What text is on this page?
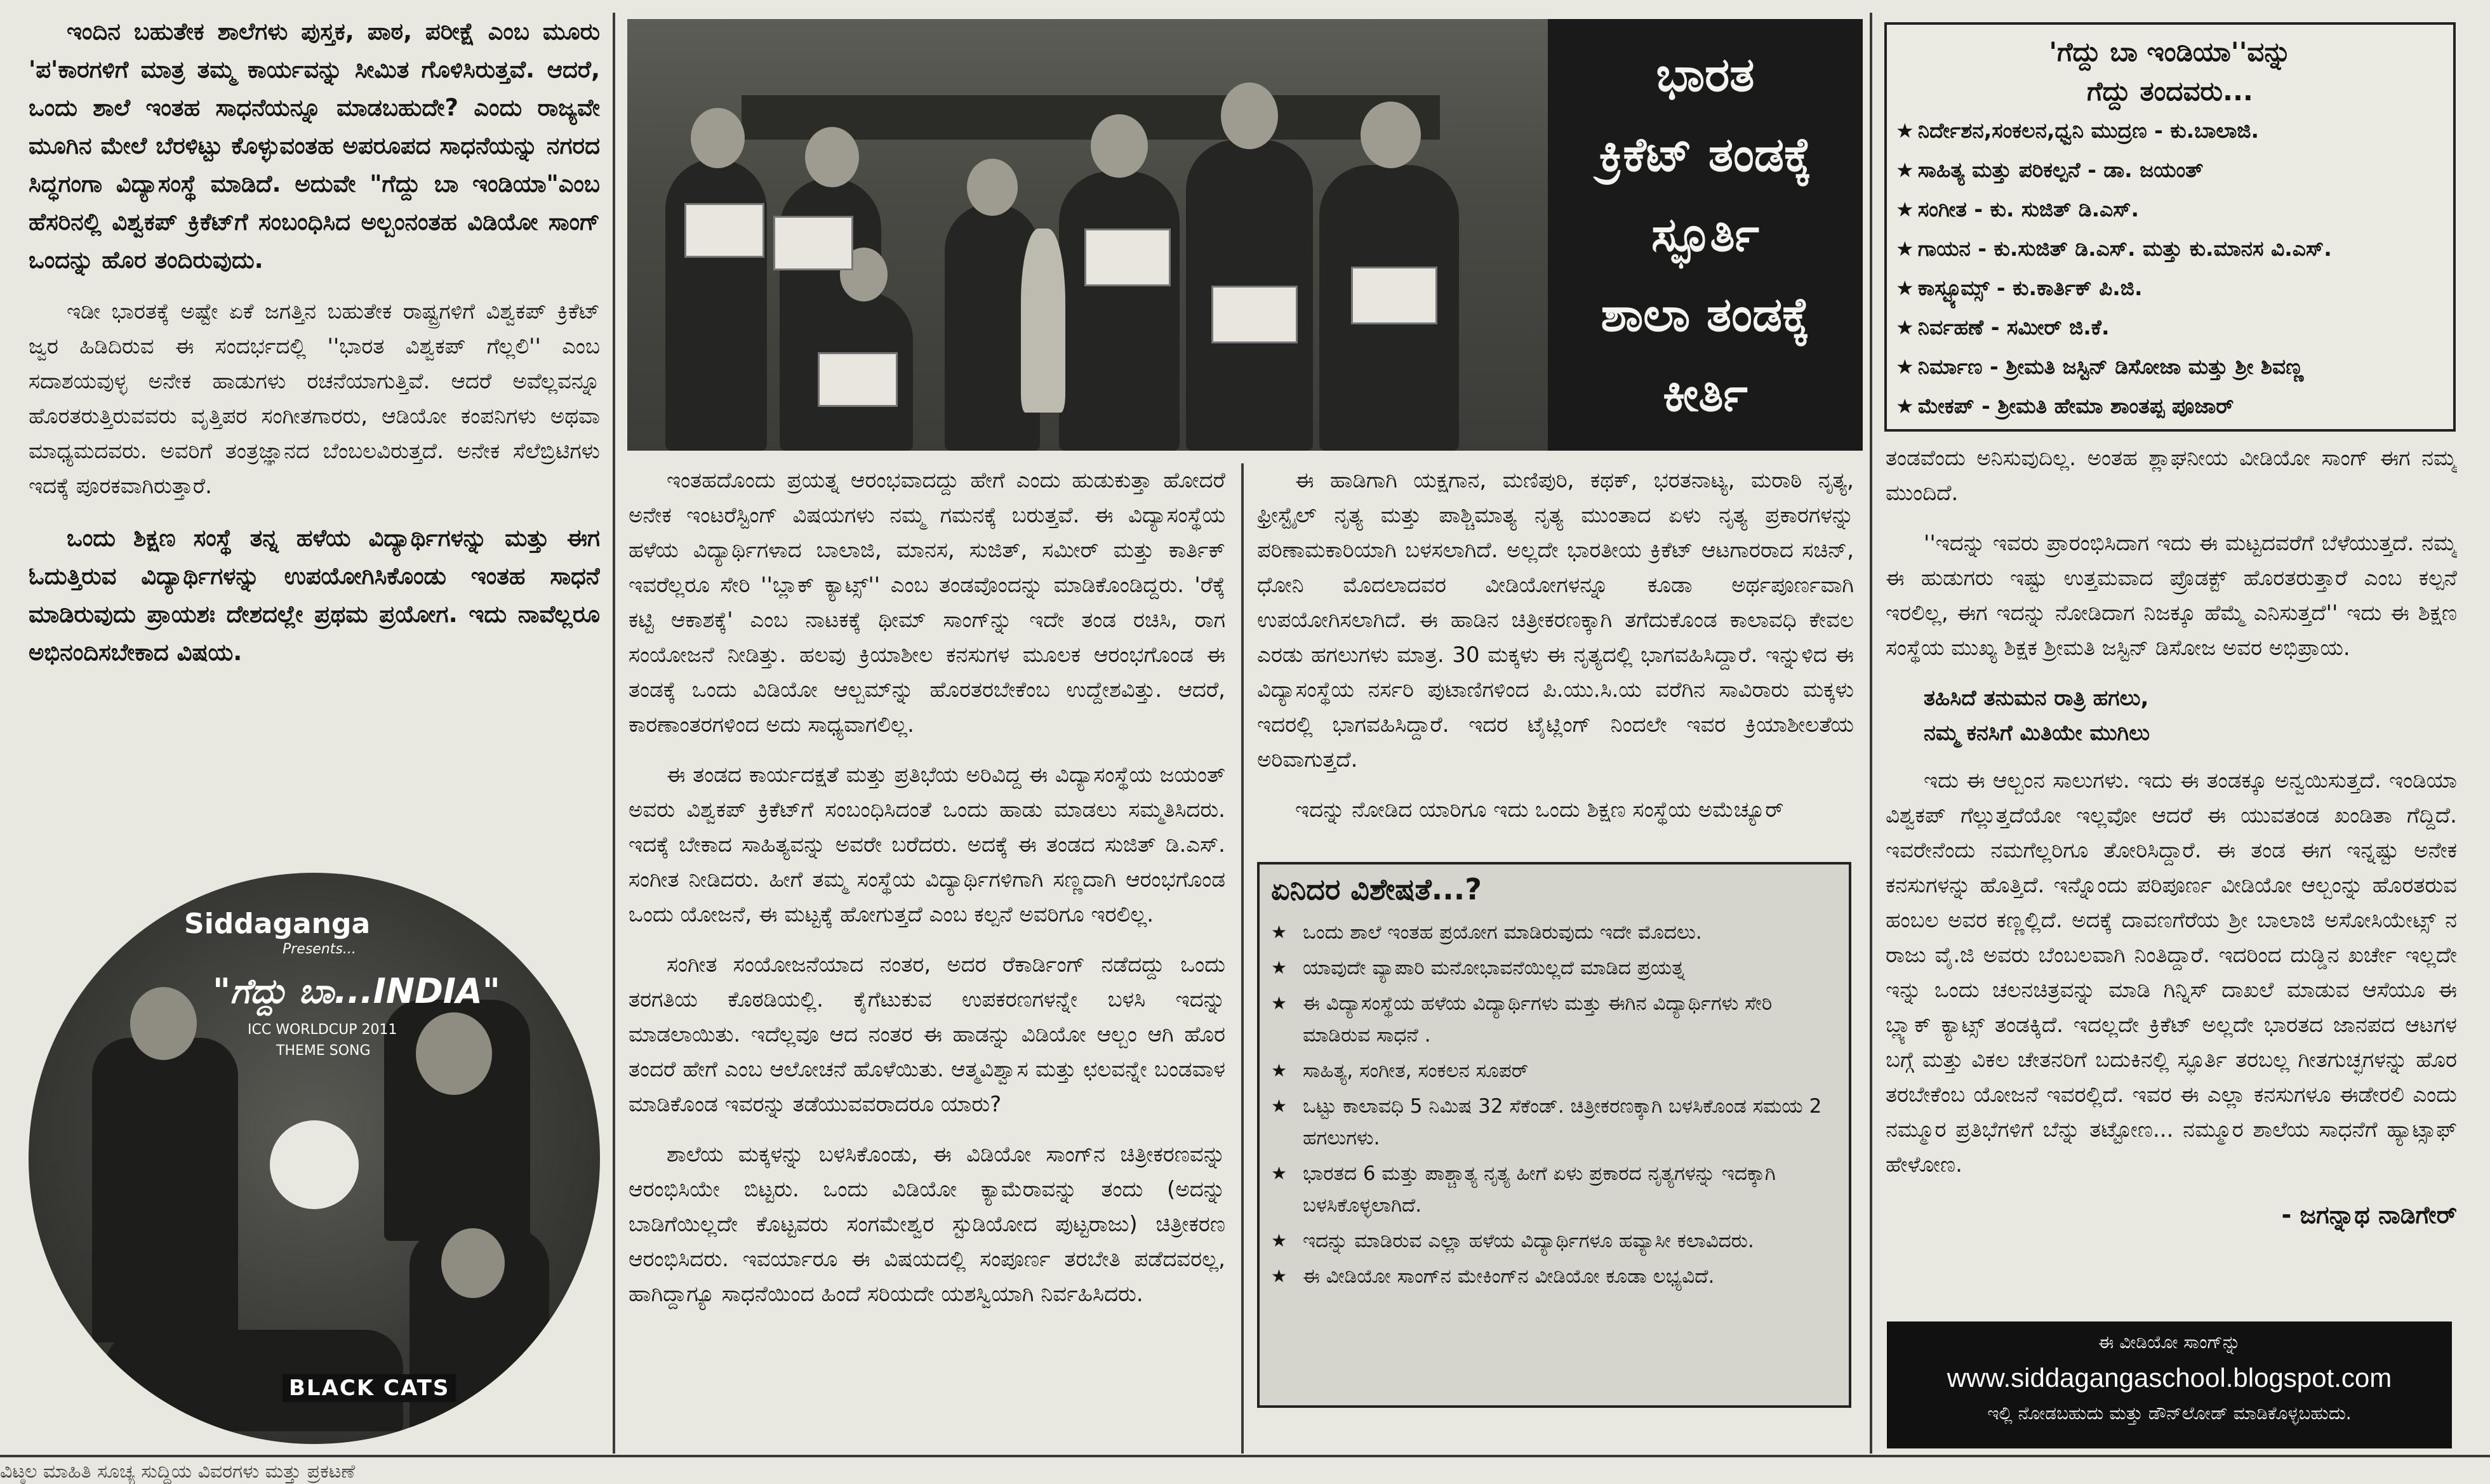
ಇಂದಿನ ಬಹುತೇಕ ಶಾಲೆಗಳು ಪುಸ್ತಕ, ಪಾಠ, ಪರೀಕ್ಷೆ ಎಂಬ ಮೂರು 'ಪ'ಕಾರಗಳಿಗೆ ಮಾತ್ರ ತಮ್ಮ ಕಾರ್ಯವನ್ನು ಸೀಮಿತ ಗೊಳಿಸಿರುತ್ತವೆ. ಆದರೆ, ಒಂದು ಶಾಲೆ ಇಂತಹ ಸಾಧನೆಯನ್ನೂ ಮಾಡಬಹುದೇ? ಎಂದು ರಾಜ್ಯವೇ ಮೂಗಿನ ಮೇಲೆ ಬೆರಳಿಟ್ಟು ಕೊಳ್ಳುವಂತಹ ಅಪರೂಪದ ಸಾಧನೆಯನ್ನು ನಗರದ ಸಿದ್ಧಗಂಗಾ ವಿದ್ಯಾಸಂಸ್ಥೆ ಮಾಡಿದೆ. ಅದುವೇ "ಗೆದ್ದು ಬಾ ಇಂಡಿಯಾ"ಎಂಬ ಹೆಸರಿನಲ್ಲಿ ವಿಶ್ವಕಪ್ ಕ್ರಿಕೆಟ್‌ಗೆ ಸಂಬಂಧಿಸಿದ ಅಲ್ಬಂನಂತಹ ವಿಡಿಯೋ ಸಾಂಗ್ ಒಂದನ್ನು ಹೊರ ತಂದಿರುವುದು.

ಇಡೀ ಭಾರತಕ್ಕೆ ಅಷ್ಟೇ ಏಕೆ ಜಗತ್ತಿನ ಬಹುತೇಕ ರಾಷ್ಟ್ರಗಳಿಗೆ ವಿಶ್ವಕಪ್ ಕ್ರಿಕೆಟ್ ಜ್ವರ ಹಿಡಿದಿರುವ ಈ ಸಂದರ್ಭದಲ್ಲಿ ''ಭಾರತ ವಿಶ್ವಕಪ್ ಗೆಲ್ಲಲಿ'' ಎಂಬ ಸದಾಶಯವುಳ್ಳ ಅನೇಕ ಹಾಡುಗಳು ರಚನೆಯಾಗುತ್ತಿವೆ. ಆದರೆ ಅವೆಲ್ಲವನ್ನೂ ಹೊರತರುತ್ತಿರುವವರು ವೃತ್ತಿಪರ ಸಂಗೀತಗಾರರು, ಆಡಿಯೋ ಕಂಪನಿಗಳು ಅಥವಾ ಮಾಧ್ಯಮದವರು. ಅವರಿಗೆ ತಂತ್ರಜ್ಞಾನದ ಬೆಂಬಲವಿರುತ್ತದೆ. ಅನೇಕ ಸೆಲೆಬ್ರಿಟಿಗಳು ಇದಕ್ಕೆ ಪೂರಕವಾಗಿರುತ್ತಾರೆ.

ಒಂದು ಶಿಕ್ಷಣ ಸಂಸ್ಥೆ ತನ್ನ ಹಳೆಯ ವಿದ್ಯಾರ್ಥಿಗಳನ್ನು ಮತ್ತು ಈಗ ಓದುತ್ತಿರುವ ವಿದ್ಯಾರ್ಥಿಗಳನ್ನು ಉಪಯೋಗಿಸಿಕೊಂಡು ಇಂತಹ ಸಾಧನೆ ಮಾಡಿರುವುದು ಪ್ರಾಯಶಃ ದೇಶದಲ್ಲೇ ಪ್ರಥಮ ಪ್ರಯೋಗ. ಇದು ನಾವೆಲ್ಲರೂ ಅಭಿನಂದಿಸಬೇಕಾದ ವಿಷಯ.

ಭಾರತ
ಕ್ರಿಕೆಟ್ ತಂಡಕ್ಕೆ
ಸ್ಫೂರ್ತಿ
ಶಾಲಾ ತಂಡಕ್ಕೆ
ಕೀರ್ತಿ
'ಗೆದ್ದು ಬಾ ಇಂಡಿಯಾ''ವನ್ನು
ಗೆದ್ದು ತಂದವರು...
★ ನಿರ್ದೇಶನ,ಸಂಕಲನ,ಧ್ವನಿ ಮುದ್ರಣ - ಕು.ಬಾಲಾಜಿ.
★ ಸಾಹಿತ್ಯ ಮತ್ತು ಪರಿಕಲ್ಪನೆ - ಡಾ. ಜಯಂತ್
★ ಸಂಗೀತ - ಕು. ಸುಜಿತ್ ಡಿ.ಎಸ್.
★ ಗಾಯನ - ಕು.ಸುಜಿತ್ ಡಿ.ಎಸ್. ಮತ್ತು ಕು.ಮಾನಸ ವಿ.ಎಸ್.
★ ಕಾಸ್ಟ್ಯೂಮ್ಸ್ - ಕು.ಕಾರ್ತಿಕ್ ಪಿ.ಜಿ.
★ ನಿರ್ವಹಣೆ - ಸಮೀರ್ ಜಿ.ಕೆ.
★ ನಿರ್ಮಾಣ - ಶ್ರೀಮತಿ ಜಸ್ಟಿನ್ ಡಿಸೋಜಾ ಮತ್ತು ಶ್ರೀ ಶಿವಣ್ಣ
★ ಮೇಕಪ್ - ಶ್ರೀಮತಿ ಹೇಮಾ ಶಾಂತಪ್ಪ ಪೂಜಾರ್

ಇಂತಹದೊಂದು ಪ್ರಯತ್ನ ಆರಂಭವಾದದ್ದು ಹೇಗೆ ಎಂದು ಹುಡುಕುತ್ತಾ ಹೋದರೆ ಅನೇಕ ಇಂಟರೆಸ್ಟಿಂಗ್ ವಿಷಯಗಳು ನಮ್ಮ ಗಮನಕ್ಕೆ ಬರುತ್ತವೆ. ಈ ವಿದ್ಯಾಸಂಸ್ಥೆಯ ಹಳೆಯ ವಿದ್ಯಾರ್ಥಿಗಳಾದ ಬಾಲಾಜಿ, ಮಾನಸ, ಸುಜಿತ್, ಸಮೀರ್ ಮತ್ತು ಕಾರ್ತಿಕ್ ಇವರೆಲ್ಲರೂ ಸೇರಿ ''ಬ್ಲಾಕ್ ಕ್ಯಾಟ್ಸ್'' ಎಂಬ ತಂಡವೊಂದನ್ನು ಮಾಡಿಕೊಂಡಿದ್ದರು. 'ರೆಕ್ಕೆ ಕಟ್ಟಿ ಆಕಾಶಕ್ಕೆ' ಎಂಬ ನಾಟಕಕ್ಕೆ ಥೀಮ್ ಸಾಂಗ್‌ನ್ನು ಇದೇ ತಂಡ ರಚಿಸಿ, ರಾಗ ಸಂಯೋಜನೆ ನೀಡಿತ್ತು. ಹಲವು ಕ್ರಿಯಾಶೀಲ ಕನಸುಗಳ ಮೂಲಕ ಆರಂಭಗೊಂಡ ಈ ತಂಡಕ್ಕೆ ಒಂದು ವಿಡಿಯೋ ಆಲ್ಬಮ್‌ನ್ನು ಹೊರತರಬೇಕೆಂಬ ಉದ್ದೇಶವಿತ್ತು. ಆದರೆ, ಕಾರಣಾಂತರಗಳಿಂದ ಅದು ಸಾಧ್ಯವಾಗಲಿಲ್ಲ.

ಈ ತಂಡದ ಕಾರ್ಯದಕ್ಷತೆ ಮತ್ತು ಪ್ರತಿಭೆಯ ಅರಿವಿದ್ದ ಈ ವಿದ್ಯಾಸಂಸ್ಥೆಯ ಜಯಂತ್ ಅವರು ವಿಶ್ವಕಪ್ ಕ್ರಿಕೆಟ್‌ಗೆ ಸಂಬಂಧಿಸಿದಂತೆ ಒಂದು ಹಾಡು ಮಾಡಲು ಸಮ್ಮತಿಸಿದರು. ಇದಕ್ಕೆ ಬೇಕಾದ ಸಾಹಿತ್ಯವನ್ನು ಅವರೇ ಬರೆದರು. ಅದಕ್ಕೆ ಈ ತಂಡದ ಸುಜಿತ್ ಡಿ.ಎಸ್. ಸಂಗೀತ ನೀಡಿದರು. ಹೀಗೆ ತಮ್ಮ ಸಂಸ್ಥೆಯ ವಿದ್ಯಾರ್ಥಿಗಳಿಗಾಗಿ ಸಣ್ಣದಾಗಿ ಆರಂಭಗೊಂಡ ಒಂದು ಯೋಜನೆ, ಈ ಮಟ್ಟಕ್ಕೆ ಹೋಗುತ್ತದೆ ಎಂಬ ಕಲ್ಪನೆ ಅವರಿಗೂ ಇರಲಿಲ್ಲ.

ಸಂಗೀತ ಸಂಯೋಜನೆಯಾದ ನಂತರ, ಅದರ ರೆಕಾರ್ಡಿಂಗ್ ನಡೆದದ್ದು ಒಂದು ತರಗತಿಯ ಕೊಠಡಿಯಲ್ಲಿ. ಕೈಗೆಟುಕುವ ಉಪಕರಣಗಳನ್ನೇ ಬಳಸಿ ಇದನ್ನು ಮಾಡಲಾಯಿತು. ಇದೆಲ್ಲವೂ ಆದ ನಂತರ ಈ ಹಾಡನ್ನು ವಿಡಿಯೋ ಆಲ್ಬಂ ಆಗಿ ಹೊರ ತಂದರೆ ಹೇಗೆ ಎಂಬ ಆಲೋಚನೆ ಹೊಳೆಯಿತು. ಆತ್ಮವಿಶ್ವಾಸ ಮತ್ತು ಛಲವನ್ನೇ ಬಂಡವಾಳ ಮಾಡಿಕೊಂಡ ಇವರನ್ನು ತಡೆಯುವವರಾದರೂ ಯಾರು?

ಶಾಲೆಯ ಮಕ್ಕಳನ್ನು ಬಳಸಿಕೊಂಡು, ಈ ವಿಡಿಯೋ ಸಾಂಗ್‌ನ ಚಿತ್ರೀಕರಣವನ್ನು ಆರಂಭಿಸಿಯೇ ಬಿಟ್ಟರು. ಒಂದು ವಿಡಿಯೋ ಕ್ಯಾಮೆರಾವನ್ನು ತಂದು (ಅದನ್ನು ಬಾಡಿಗೆಯಿಲ್ಲದೇ ಕೊಟ್ಟವರು ಸಂಗಮೇಶ್ವರ ಸ್ಟುಡಿಯೋದ ಪುಟ್ಟರಾಜು) ಚಿತ್ರೀಕರಣ ಆರಂಭಿಸಿದರು. ಇವರ್ಯಾರೂ ಈ ವಿಷಯದಲ್ಲಿ ಸಂಪೂರ್ಣ ತರಬೇತಿ ಪಡೆದವರಲ್ಲ, ಹಾಗಿದ್ದಾಗ್ಯೂ ಸಾಧನೆಯಿಂದ ಹಿಂದೆ ಸರಿಯದೇ ಯಶಸ್ವಿಯಾಗಿ ನಿರ್ವಹಿಸಿದರು.

ಈ ಹಾಡಿಗಾಗಿ ಯಕ್ಷಗಾನ, ಮಣಿಪುರಿ, ಕಥಕ್, ಭರತನಾಟ್ಯ, ಮರಾಠಿ ನೃತ್ಯ, ಫ್ರೀಸ್ಟೈಲ್ ನೃತ್ಯ ಮತ್ತು ಪಾಶ್ಚಿಮಾತ್ಯ ನೃತ್ಯ ಮುಂತಾದ ಏಳು ನೃತ್ಯ ಪ್ರಕಾರಗಳನ್ನು ಪರಿಣಾಮಕಾರಿಯಾಗಿ ಬಳಸಲಾಗಿದೆ. ಅಲ್ಲದೇ ಭಾರತೀಯ ಕ್ರಿಕೆಟ್ ಆಟಗಾರರಾದ ಸಚಿನ್, ಧೋನಿ ಮೊದಲಾದವರ ವೀಡಿಯೋಗಳನ್ನೂ ಕೂಡಾ ಅರ್ಥಪೂರ್ಣವಾಗಿ ಉಪಯೋಗಿಸಲಾಗಿದೆ. ಈ ಹಾಡಿನ ಚಿತ್ರೀಕರಣಕ್ಕಾಗಿ ತಗೆದುಕೊಂಡ ಕಾಲಾವಧಿ ಕೇವಲ ಎರಡು ಹಗಲುಗಳು ಮಾತ್ರ. 30 ಮಕ್ಕಳು ಈ ನೃತ್ಯದಲ್ಲಿ ಭಾಗವಹಿಸಿದ್ದಾರೆ. ಇನ್ನುಳಿದ ಈ ವಿದ್ಯಾಸಂಸ್ಥೆಯ ನರ್ಸರಿ ಪುಟಾಣಿಗಳಿಂದ ಪಿ.ಯು.ಸಿ.ಯ ವರೆಗಿನ ಸಾವಿರಾರು ಮಕ್ಕಳು ಇದರಲ್ಲಿ ಭಾಗವಹಿಸಿದ್ದಾರೆ. ಇದರ ಟೈಟ್ಲಿಂಗ್ ನಿಂದಲೇ ಇವರ ಕ್ರಿಯಾಶೀಲತೆಯ ಅರಿವಾಗುತ್ತದೆ.

ಇದನ್ನು ನೋಡಿದ ಯಾರಿಗೂ ಇದು ಒಂದು ಶಿಕ್ಷಣ ಸಂಸ್ಥೆಯ ಅಮೆಚ್ಯೂರ್

ಏನಿದರ ವಿಶೇಷತೆ...?
★ ಒಂದು ಶಾಲೆ ಇಂತಹ ಪ್ರಯೋಗ ಮಾಡಿರುವುದು ಇದೇ ಮೊದಲು.
★ ಯಾವುದೇ ವ್ಯಾಪಾರಿ ಮನೋಭಾವನೆಯಿಲ್ಲದೆ ಮಾಡಿದ ಪ್ರಯತ್ನ
★ ಈ ವಿದ್ಯಾಸಂಸ್ಥೆಯ ಹಳೆಯ ವಿದ್ಯಾರ್ಥಿಗಳು ಮತ್ತು ಈಗಿನ ವಿದ್ಯಾರ್ಥಿಗಳು ಸೇರಿ ಮಾಡಿರುವ ಸಾಧನೆ .
★ ಸಾಹಿತ್ಯ, ಸಂಗೀತ, ಸಂಕಲನ ಸೂಪರ್
★ ಒಟ್ಟು ಕಾಲಾವಧಿ 5 ನಿಮಿಷ 32 ಸೆಕೆಂಡ್. ಚಿತ್ರೀಕರಣಕ್ಕಾಗಿ ಬಳಸಿಕೊಂಡ ಸಮಯ 2 ಹಗಲುಗಳು.
★ ಭಾರತದ 6 ಮತ್ತು ಪಾಶ್ಚಾತ್ಯ ನೃತ್ಯ ಹೀಗೆ ಏಳು ಪ್ರಕಾರದ ನೃತ್ಯಗಳನ್ನು ಇದಕ್ಕಾಗಿ ಬಳಸಿಕೊಳ್ಳಲಾಗಿದೆ.
★ ಇದನ್ನು ಮಾಡಿರುವ ಎಲ್ಲಾ ಹಳೆಯ ವಿದ್ಯಾರ್ಥಿಗಳೂ ಹವ್ಯಾಸೀ ಕಲಾವಿದರು.
★ ಈ ವೀಡಿಯೋ ಸಾಂಗ್‌ನ ಮೇಕಿಂಗ್‌ನ ವೀಡಿಯೋ ಕೂಡಾ ಲಭ್ಯವಿದೆ.

ತಂಡವೆಂದು ಅನಿಸುವುದಿಲ್ಲ. ಅಂತಹ ಶ್ಲಾಘನೀಯ ವೀಡಿಯೋ ಸಾಂಗ್ ಈಗ ನಮ್ಮ ಮುಂದಿದೆ.

''ಇದನ್ನು ಇವರು ಪ್ರಾರಂಭಿಸಿದಾಗ ಇದು ಈ ಮಟ್ಟದವರೆಗೆ ಬೆಳೆಯುತ್ತದೆ. ನಮ್ಮ ಈ ಹುಡುಗರು ಇಷ್ಟು ಉತ್ತಮವಾದ ಪ್ರೊಡಕ್ಟ್ ಹೊರತರುತ್ತಾರೆ ಎಂಬ ಕಲ್ಪನೆ ಇರಲಿಲ್ಲ, ಈಗ ಇದನ್ನು ನೋಡಿದಾಗ ನಿಜಕ್ಕೂ ಹೆಮ್ಮೆ ಎನಿಸುತ್ತದೆ'' ಇದು ಈ ಶಿಕ್ಷಣ ಸಂಸ್ಥೆಯ ಮುಖ್ಯ ಶಿಕ್ಷಕ ಶ್ರೀಮತಿ ಜಸ್ಟಿನ್ ಡಿಸೋಜ ಅವರ ಅಭಿಪ್ರಾಯ.

ತಹಿಸಿದೆ ತನುಮನ ರಾತ್ರಿ ಹಗಲು,

ನಮ್ಮ ಕನಸಿಗೆ ಮಿತಿಯೇ ಮುಗಿಲು

ಇದು ಈ ಆಲ್ಬಂನ ಸಾಲುಗಳು. ಇದು ಈ ತಂಡಕ್ಕೂ ಅನ್ವಯಿಸುತ್ತದೆ. ಇಂಡಿಯಾ ವಿಶ್ವಕಪ್ ಗೆಲ್ಲುತ್ತದೆಯೋ ಇಲ್ಲವೋ ಆದರೆ ಈ ಯುವತಂಡ ಖಂಡಿತಾ ಗೆದ್ದಿದೆ. ಇವರೇನೆಂದು ನಮಗೆಲ್ಲರಿಗೂ ತೋರಿಸಿದ್ದಾರೆ. ಈ ತಂಡ ಈಗ ಇನ್ನಷ್ಟು ಅನೇಕ ಕನಸುಗಳನ್ನು ಹೊತ್ತಿದೆ. ಇನ್ನೊಂದು ಪರಿಪೂರ್ಣ ವೀಡಿಯೋ ಆಲ್ಬಂನ್ನು ಹೊರತರುವ ಹಂಬಲ ಅವರ ಕಣ್ಣಲ್ಲಿದೆ. ಅದಕ್ಕೆ ದಾವಣಗೆರೆಯ ಶ್ರೀ ಬಾಲಾಜಿ ಅಸೋಸಿಯೇಟ್ಸ್ ನ ರಾಜು ವೈ.ಜಿ ಅವರು ಬೆಂಬಲವಾಗಿ ನಿಂತಿದ್ದಾರೆ. ಇದರಿಂದ ದುಡ್ಡಿನ ಖರ್ಚೇ ಇಲ್ಲದೇ ಇನ್ನು ಒಂದು ಚಲನಚಿತ್ರವನ್ನು ಮಾಡಿ ಗಿನ್ನಿಸ್ ದಾಖಲೆ ಮಾಡುವ ಆಸೆಯೂ ಈ ಬ್ಲ್ಯಾಕ್ ಕ್ಯಾಟ್ಸ್ ತಂಡಕ್ಕಿದೆ. ಇದಲ್ಲದೇ ಕ್ರಿಕೆಟ್ ಅಲ್ಲದೇ ಭಾರತದ ಜಾನಪದ ಆಟಗಳ ಬಗ್ಗೆ ಮತ್ತು ವಿಕಲ ಚೇತನರಿಗೆ ಬದುಕಿನಲ್ಲಿ ಸ್ಫೂರ್ತಿ ತರಬಲ್ಲ ಗೀತಗುಚ್ಛಗಳನ್ನು ಹೊರ ತರಬೇಕೆಂಬ ಯೋಜನೆ ಇವರಲ್ಲಿದೆ. ಇವರ ಈ ಎಲ್ಲಾ ಕನಸುಗಳೂ ಈಡೇರಲಿ ಎಂದು ನಮ್ಮೂರ ಪ್ರತಿಭೆಗಳಿಗೆ ಬೆನ್ನು ತಟ್ಟೋಣ... ನಮ್ಮೂರ ಶಾಲೆಯ ಸಾಧನೆಗೆ ಹ್ಯಾಟ್ಸಾಫ್ ಹೇಳೋಣ.

- ಜಗನ್ನಾಥ ನಾಡಿಗೇರ್

ಈ ವೀಡಿಯೋ ಸಾಂಗ್‌ನ್ನು
www.siddagangaschool.blogspot.com
ಇಲ್ಲಿ ನೋಡಬಹುದು ಮತ್ತು ಡೌನ್‌ಲೋಡ್ ಮಾಡಿಕೊಳ್ಳಬಹುದು.
Siddaganga
Presents...
"ಗೆದ್ದು ಬಾ...INDIA"
ICC WORLDCUP 2011
THEME SONG
BLACK CATS
ವಿಟ್ಠಲ ಮಾಹಿತಿ ಸೂಚ್ಯ ಸುದ್ದಿಯ ವಿವರಗಳು ಮತ್ತು ಪ್ರಕಟಣೆ
